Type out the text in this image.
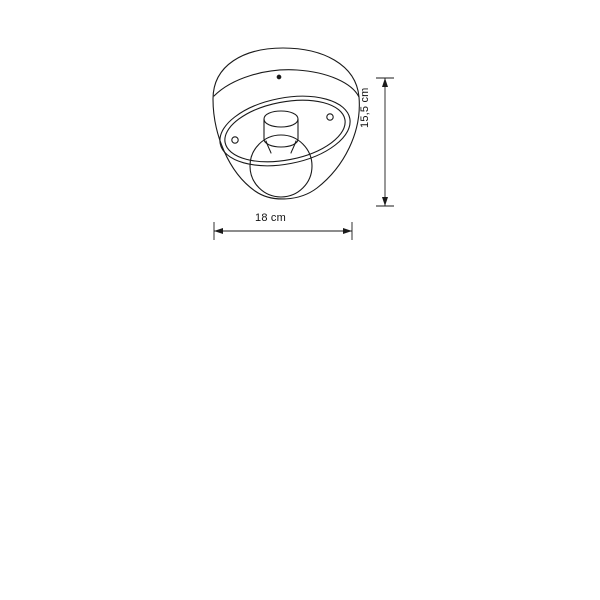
18 cm
15,5 cm
